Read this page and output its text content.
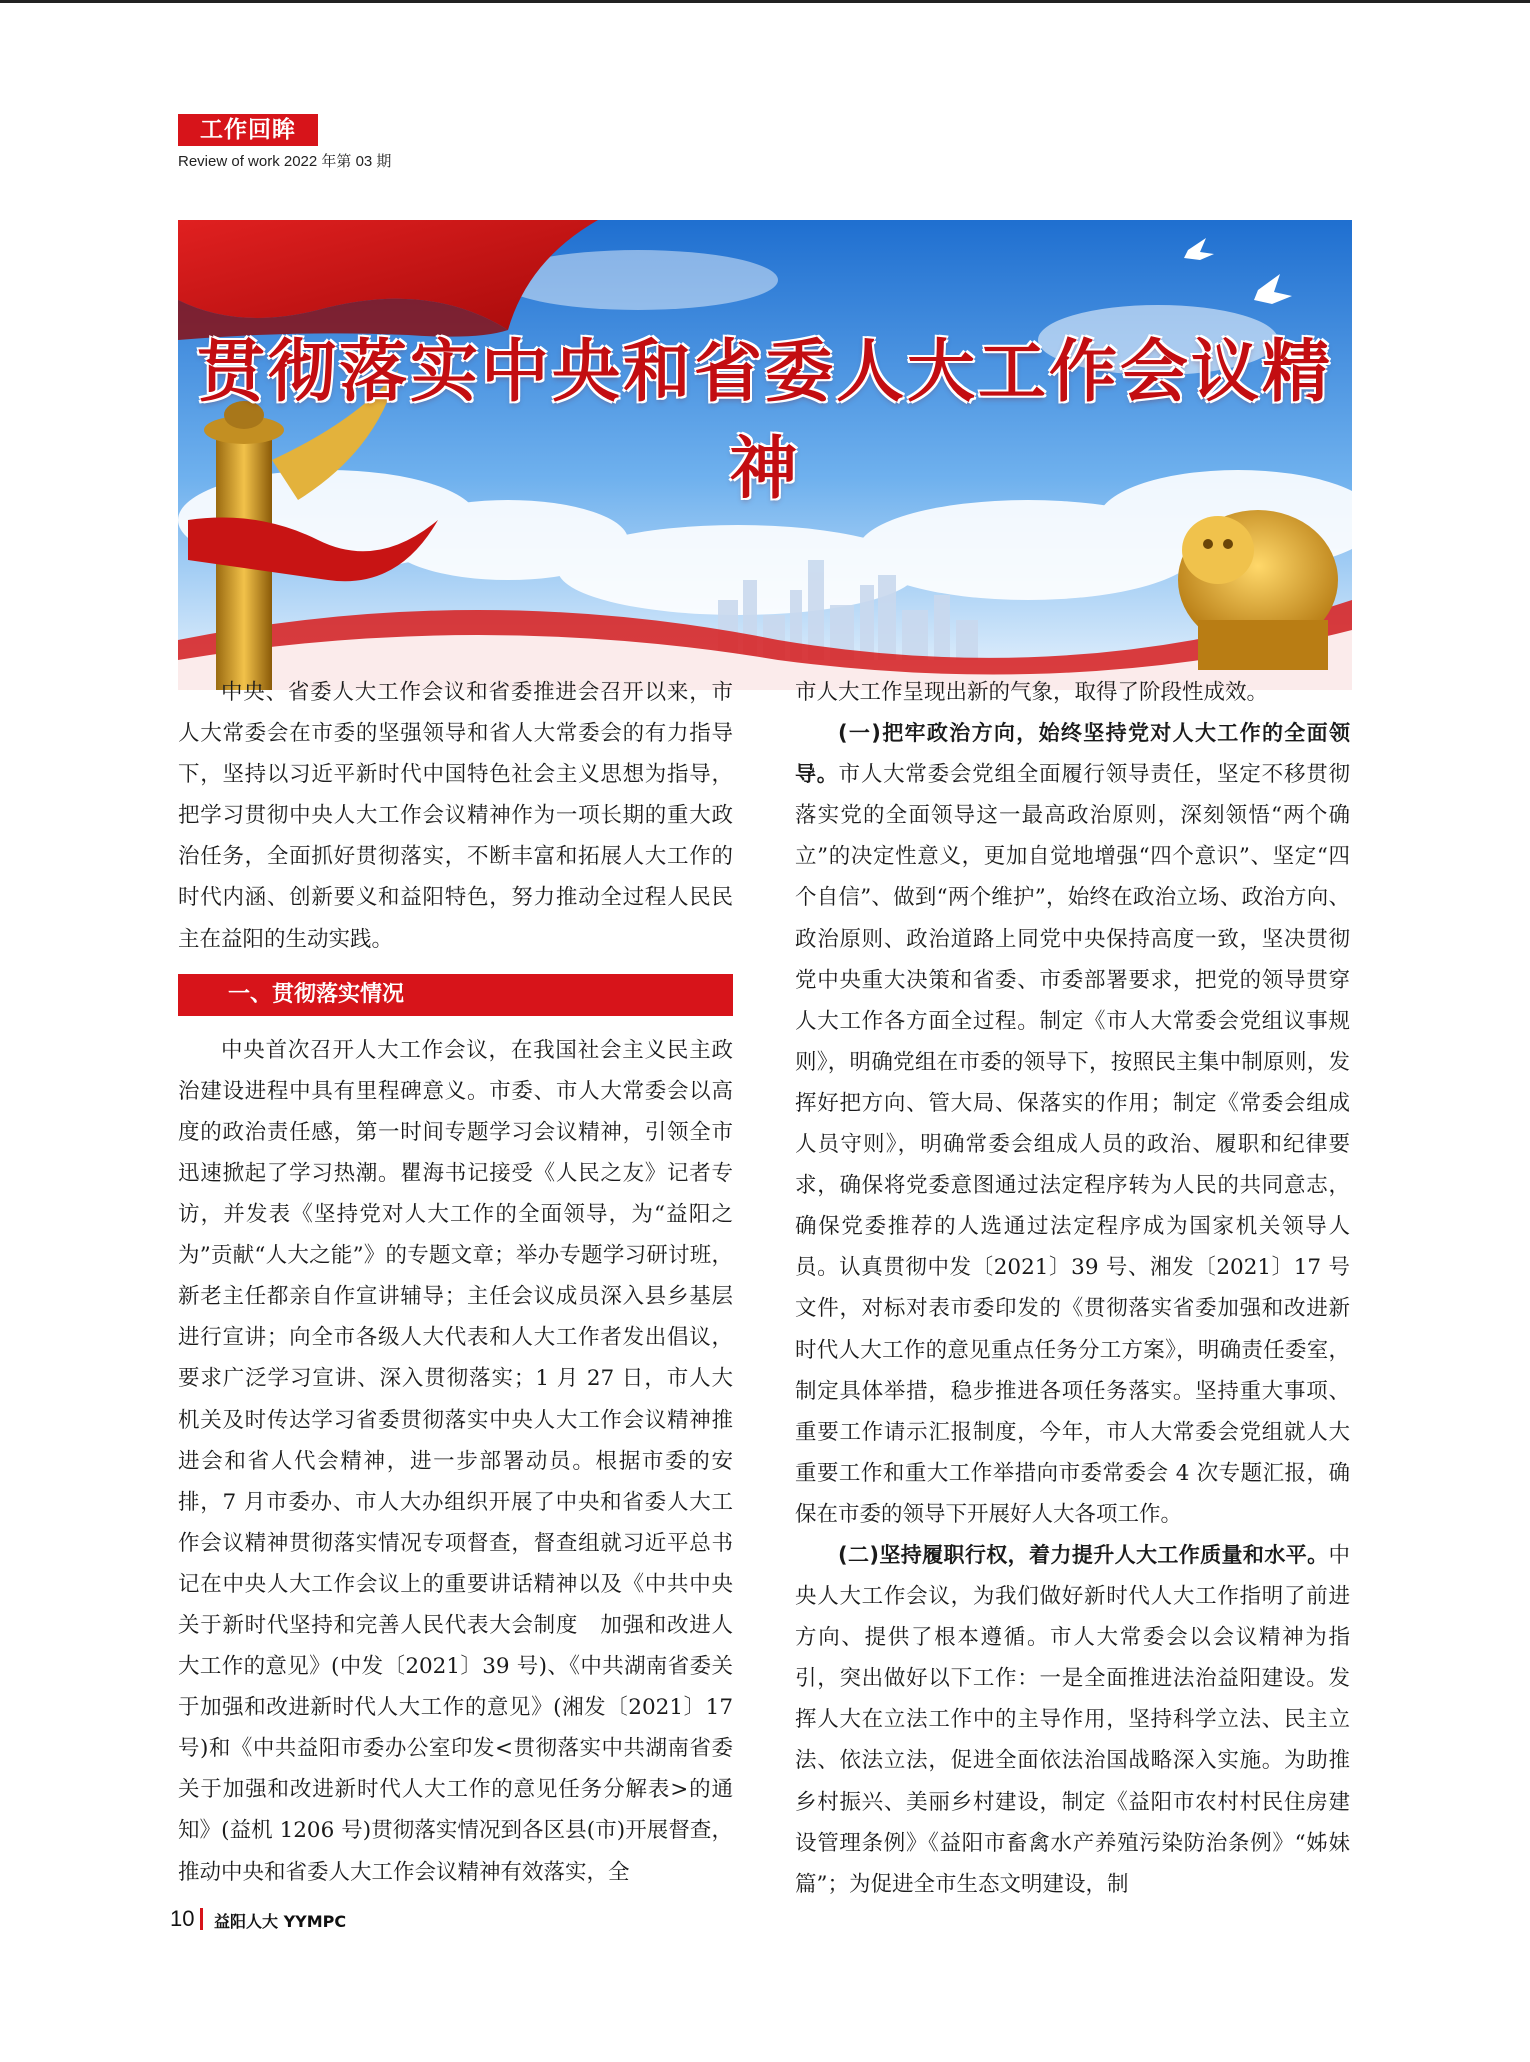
工作回眸
Review of work 2022 年第 03 期
贯彻落实中央和省委人大工作会议精神

中央、省委人大工作会议和省委推进会召开以来，市人大常委会在市委的坚强领导和省人大常委会的有力指导下，坚持以习近平新时代中国特色社会主义思想为指导，把学习贯彻中央人大工作会议精神作为一项长期的重大政治任务，全面抓好贯彻落实，不断丰富和拓展人大工作的时代内涵、创新要义和益阳特色，努力推动全过程人民民主在益阳的生动实践。

一、贯彻落实情况

中央首次召开人大工作会议，在我国社会主义民主政治建设进程中具有里程碑意义。市委、市人大常委会以高度的政治责任感，第一时间专题学习会议精神，引领全市迅速掀起了学习热潮。瞿海书记接受《人民之友》记者专访，并发表《坚持党对人大工作的全面领导，为“益阳之为”贡献“人大之能”》的专题文章；举办专题学习研讨班，新老主任都亲自作宣讲辅导；主任会议成员深入县乡基层进行宣讲；向全市各级人大代表和人大工作者发出倡议，要求广泛学习宣讲、深入贯彻落实；1 月 27 日，市人大机关及时传达学习省委贯彻落实中央人大工作会议精神推进会和省人代会精神，进一步部署动员。根据市委的安排，7 月市委办、市人大办组织开展了中央和省委人大工作会议精神贯彻落实情况专项督查，督查组就习近平总书记在中央人大工作会议上的重要讲话精神以及《中共中央关于新时代坚持和完善人民代表大会制度　加强和改进人大工作的意见》(中发〔2021〕39 号)、《中共湖南省委关于加强和改进新时代人大工作的意见》(湘发〔2021〕17 号)和《中共益阳市委办公室印发<贯彻落实中共湖南省委关于加强和改进新时代人大工作的意见任务分解表>的通知》(益机 1206 号)贯彻落实情况到各区县(市)开展督查，推动中央和省委人大工作会议精神有效落实，全

市人大工作呈现出新的气象，取得了阶段性成效。

(一)把牢政治方向，始终坚持党对人大工作的全面领导。市人大常委会党组全面履行领导责任，坚定不移贯彻落实党的全面领导这一最高政治原则，深刻领悟“两个确立”的决定性意义，更加自觉地增强“四个意识”、坚定“四个自信”、做到“两个维护”，始终在政治立场、政治方向、政治原则、政治道路上同党中央保持高度一致，坚决贯彻党中央重大决策和省委、市委部署要求，把党的领导贯穿人大工作各方面全过程。制定《市人大常委会党组议事规则》，明确党组在市委的领导下，按照民主集中制原则，发挥好把方向、管大局、保落实的作用；制定《常委会组成人员守则》，明确常委会组成人员的政治、履职和纪律要求，确保将党委意图通过法定程序转为人民的共同意志，确保党委推荐的人选通过法定程序成为国家机关领导人员。认真贯彻中发〔2021〕39 号、湘发〔2021〕17 号文件，对标对表市委印发的《贯彻落实省委加强和改进新时代人大工作的意见重点任务分工方案》，明确责任委室，制定具体举措，稳步推进各项任务落实。坚持重大事项、重要工作请示汇报制度，今年，市人大常委会党组就人大重要工作和重大工作举措向市委常委会 4 次专题汇报，确保在市委的领导下开展好人大各项工作。

(二)坚持履职行权，着力提升人大工作质量和水平。中央人大工作会议，为我们做好新时代人大工作指明了前进方向、提供了根本遵循。市人大常委会以会议精神为指引，突出做好以下工作：一是全面推进法治益阳建设。发挥人大在立法工作中的主导作用，坚持科学立法、民主立法、依法立法，促进全面依法治国战略深入实施。为助推乡村振兴、美丽乡村建设，制定《益阳市农村村民住房建设管理条例》《益阳市畜禽水产养殖污染防治条例》“姊妹篇”；为促进全市生态文明建设，制

10 益阳人大 YYMPC
